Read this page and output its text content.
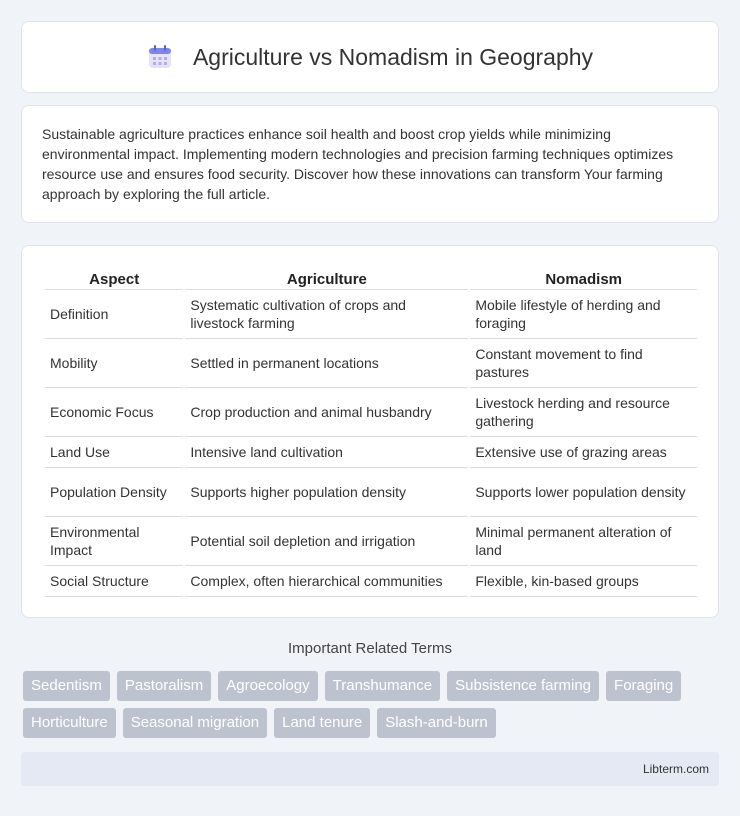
Agriculture vs Nomadism in Geography

Sustainable agriculture practices enhance soil health and boost crop yields while minimizing environmental impact. Implementing modern technologies and precision farming techniques optimizes resource use and ensures food security. Discover how these innovations can transform Your farming approach by exploring the full article.

Aspect	Agriculture	Nomadism
Definition	Systematic cultivation of crops and livestock farming	Mobile lifestyle of herding and foraging
Mobility	Settled in permanent locations	Constant movement to find pastures
Economic Focus	Crop production and animal husbandry	Livestock herding and resource gathering
Land Use	Intensive land cultivation	Extensive use of grazing areas
Population Density	Supports higher population density	Supports lower population density
Environmental Impact	Potential soil depletion and irrigation	Minimal permanent alteration of land
Social Structure	Complex, often hierarchical communities	Flexible, kin-based groups
Important Related Terms
Sedentism	Pastoralism	Agroecology	Transhumance	Subsistence farming	Foraging
Horticulture	Seasonal migration	Land tenure	Slash-and-burn
Libterm.com
